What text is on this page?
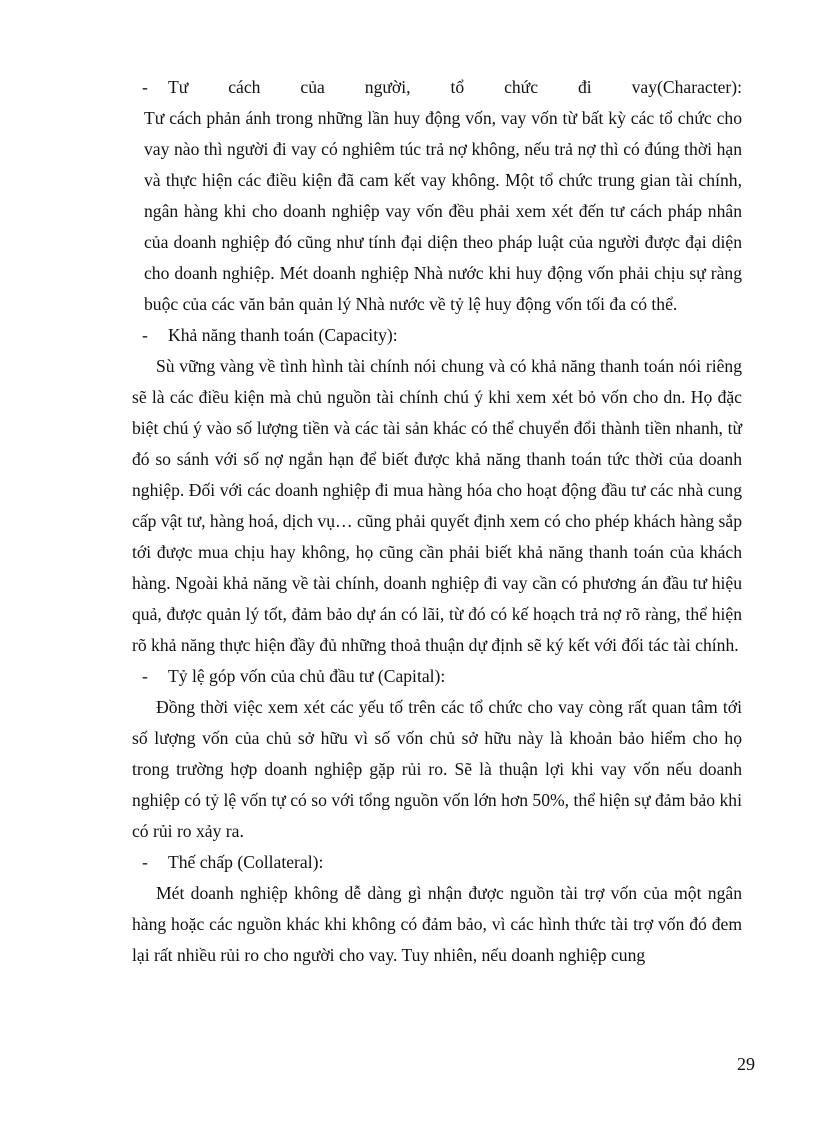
- Tư cách của người, tổ chức đi vay(Character):

Tư cách phản ánh trong những lần huy động vốn, vay vốn từ bất kỳ các tổ chức cho vay nào thì người đi vay có nghiêm túc trả nợ không, nếu trả nợ thì có đúng thời hạn và thực hiện các điều kiện đã cam kết vay không. Một tổ chức trung gian tài chính, ngân hàng khi cho doanh nghiệp vay vốn đều phải xem xét đến tư cách pháp nhân của doanh nghiệp đó cũng như tính đại diện theo pháp luật của người được đại diện cho doanh nghiệp. Mét doanh nghiệp Nhà nước khi huy động vốn phải chịu sự ràng buộc của các văn bản quản lý Nhà nước về tỷ lệ huy động vốn tối đa có thể.

- Khả năng thanh toán (Capacity):

Sù vững vàng về tình hình tài chính nói chung và có khả năng thanh toán nói riêng sẽ là các điều kiện mà chủ nguồn tài chính chú ý khi xem xét bỏ vốn cho dn. Họ đặc biệt chú ý vào số lượng tiền và các tài sản khác có thể chuyển đổi thành tiền nhanh, từ đó so sánh với số nợ ngắn hạn để biết được khả năng thanh toán tức thời của doanh nghiệp. Đối với các doanh nghiệp đi mua hàng hóa cho hoạt động đầu tư các nhà cung cấp vật tư, hàng hoá, dịch vụ… cũng phải quyết định xem có cho phép khách hàng sắp tới được mua chịu hay không, họ cũng cần phải biết khả năng thanh toán của khách hàng. Ngoài khả năng về tài chính, doanh nghiệp đi vay cần có phương án đầu tư hiệu quả, được quản lý tốt, đảm bảo dự án có lãi, từ đó có kế hoạch trả nợ rõ ràng, thể hiện rõ khả năng thực hiện đầy đủ những thoả thuận dự định sẽ ký kết với đối tác tài chính.

- Tỷ lệ góp vốn của chủ đầu tư (Capital):

Đồng thời việc xem xét các yếu tố trên các tổ chức cho vay còng rất quan tâm tới số lượng vốn của chủ sở hữu vì số vốn chủ sở hữu này là khoản bảo hiểm cho họ trong trường hợp doanh nghiệp gặp rủi ro. Sẽ là thuận lợi khi vay vốn nếu doanh nghiệp có tỷ lệ vốn tự có so với tổng nguồn vốn lớn hơn 50%, thể hiện sự đảm bảo khi có rủi ro xảy ra.

- Thế chấp (Collateral):

Mét doanh nghiệp không dễ dàng gì nhận được nguồn tài trợ vốn của một ngân hàng hoặc các nguồn khác khi không có đảm bảo, vì các hình thức tài trợ vốn đó đem lại rất nhiều rủi ro cho người cho vay. Tuy nhiên, nếu doanh nghiệp cung

29
